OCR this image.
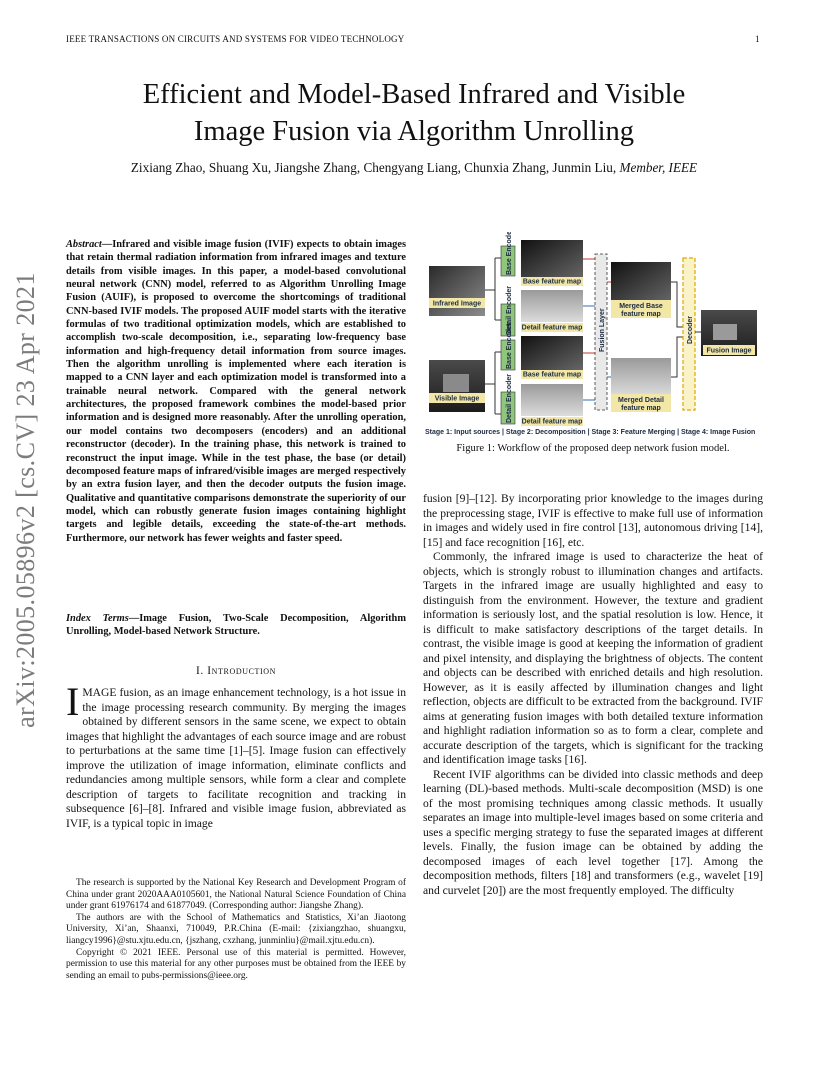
IEEE TRANSACTIONS ON CIRCUITS AND SYSTEMS FOR VIDEO TECHNOLOGY	1
Efficient and Model-Based Infrared and Visible
Image Fusion via Algorithm Unrolling
Zixiang Zhao, Shuang Xu, Jiangshe Zhang, Chengyang Liang, Chunxia Zhang, Junmin Liu, Member, IEEE
arXiv:2005.05896v2 [cs.CV] 23 Apr 2021
Abstract—Infrared and visible image fusion (IVIF) expects to obtain images that retain thermal radiation information from infrared images and texture details from visible images. In this paper, a model-based convolutional neural network (CNN) model, referred to as Algorithm Unrolling Image Fusion (AUIF), is proposed to overcome the shortcomings of traditional CNN-based IVIF models. The proposed AUIF model starts with the iterative formulas of two traditional optimization models, which are established to accomplish two-scale decomposition, i.e., separating low-frequency base information and high-frequency detail information from source images. Then the algorithm unrolling is implemented where each iteration is mapped to a CNN layer and each optimization model is transformed into a trainable neural network. Compared with the general network architectures, the proposed framework combines the model-based prior information and is designed more reasonably. After the unrolling operation, our model contains two decomposers (encoders) and an additional reconstructor (decoder). In the training phase, this network is trained to reconstruct the input image. While in the test phase, the base (or detail) decomposed feature maps of infrared/visible images are merged respectively by an extra fusion layer, and then the decoder outputs the fusion image. Qualitative and quantitative comparisons demonstrate the superiority of our model, which can robustly generate fusion images containing highlight targets and legible details, exceeding the state-of-the-art methods. Furthermore, our network has fewer weights and faster speed.
Index Terms—Image Fusion, Two-Scale Decomposition, Algorithm Unrolling, Model-based Network Structure.
I. Introduction
IMAGE fusion, as an image enhancement technology, is a hot issue in the image processing research community. By merging the images obtained by different sensors in the same scene, we expect to obtain images that highlight the advantages of each source image and are robust to perturbations at the same time [1]–[5]. Image fusion can effectively improve the utilization of image information, eliminate conflicts and redundancies among multiple sensors, while form a clear and complete description of targets to facilitate recognition and tracking in subsequence [6]–[8]. Infrared and visible image fusion, abbreviated as IVIF, is a typical topic in image

The research is supported by the National Key Research and Development Program of China under grant 2020AAA0105601, the National Natural Science Foundation of China under grant 61976174 and 61877049. (Corresponding author: Jiangshe Zhang).

The authors are with the School of Mathematics and Statistics, Xi’an Jiaotong University, Xi’an, Shaanxi, 710049, P.R.China (E-mail: {zixiangzhao, shuangxu, liangcy1996}@stu.xjtu.edu.cn, {jszhang, cxzhang, junminliu}@mail.xjtu.edu.cn).

Copyright © 2021 IEEE. Personal use of this material is permitted. However, permission to use this material for any other purposes must be obtained from the IEEE by sending an email to pubs-permissions@ieee.org.

Infrared Image
Visible Image
Base Encoder
Detail Encoder
Base Encoder
Detail Encoder
Base feature map
Detail feature map
Base feature map
Detail feature map
Fusion Layer
Merged Base
feature map
Merged Detail
feature map
Decoder
Fusion Image
Stage 1: Input sources | Stage 2: Decomposition | Stage 3: Feature Merging | Stage 4: Image Fusion
Figure 1: Workflow of the proposed deep network fusion model.

fusion [9]–[12]. By incorporating prior knowledge to the images during the preprocessing stage, IVIF is effective to make full use of information in images and widely used in fire control [13], autonomous driving [14], [15] and face recognition [16], etc.

Commonly, the infrared image is used to characterize the heat of objects, which is strongly robust to illumination changes and artifacts. Targets in the infrared image are usually highlighted and easy to distinguish from the environment. However, the texture and gradient information is seriously lost, and the spatial resolution is low. Hence, it is difficult to make satisfactory descriptions of the target details. In contrast, the visible image is good at keeping the information of gradient and pixel intensity, and displaying the brightness of objects. The content and objects can be described with enriched details and high resolution. However, as it is easily affected by illumination changes and light reflection, objects are difficult to be extracted from the background. IVIF aims at generating fusion images with both detailed texture information and highlight radiation information so as to form a clear, complete and accurate description of the targets, which is significant for the tracking and identification image tasks [16].

Recent IVIF algorithms can be divided into classic methods and deep learning (DL)-based methods. Multi-scale decomposition (MSD) is one of the most promising techniques among classic methods. It usually separates an image into multiple-level images based on some criteria and uses a specific merging strategy to fuse the separated images at different levels. Finally, the fusion image can be obtained by adding the decomposed images of each level together [17]. Among the decomposition methods, filters [18] and transformers (e.g., wavelet [19] and curvelet [20]) are the most frequently employed. The difficulty
